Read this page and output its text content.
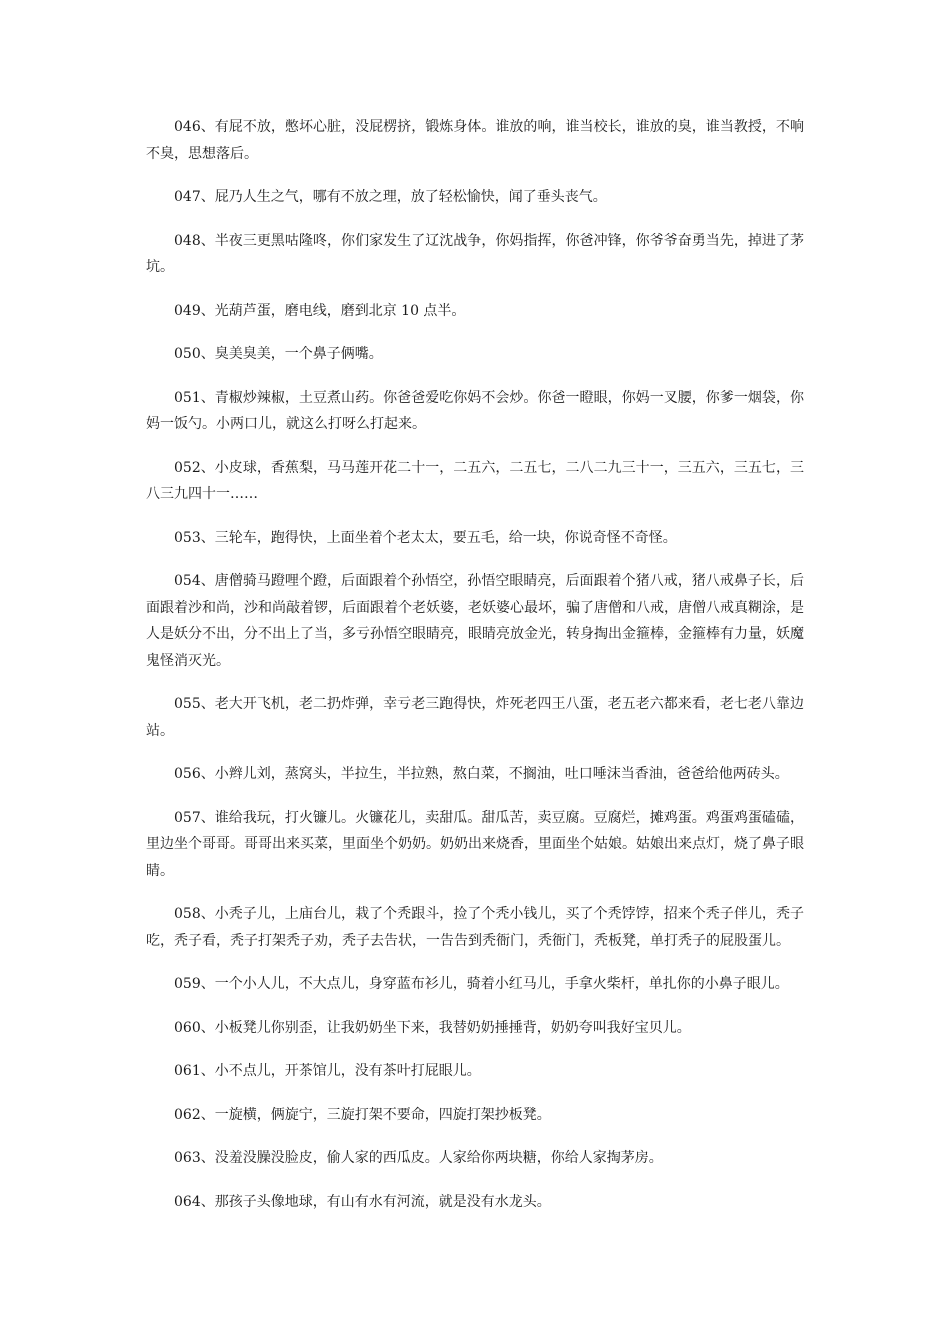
046、有屁不放，憋坏心脏，没屁楞挤，锻炼身体。谁放的响，谁当校长，谁放的臭，谁当教授，不响不臭，思想落后。

047、屁乃人生之气，哪有不放之理，放了轻松愉快，闻了垂头丧气。

048、半夜三更黑咕隆咚，你们家发生了辽沈战争，你妈指挥，你爸冲锋，你爷爷奋勇当先，掉进了茅坑。

049、光葫芦蛋，磨电线，磨到北京 10 点半。

050、臭美臭美，一个鼻子俩嘴。

051、青椒炒辣椒，土豆煮山药。你爸爸爱吃你妈不会炒。你爸一瞪眼，你妈一叉腰，你爹一烟袋，你妈一饭勺。小两口儿，就这么打呀么打起来。

052、小皮球，香蕉梨，马马莲开花二十一，二五六，二五七，二八二九三十一，三五六，三五七，三八三九四十一……

053、三轮车，跑得快，上面坐着个老太太，要五毛，给一块，你说奇怪不奇怪。

054、唐僧骑马蹬哩个蹬，后面跟着个孙悟空，孙悟空眼睛亮，后面跟着个猪八戒，猪八戒鼻子长，后面跟着沙和尚，沙和尚敲着锣，后面跟着个老妖婆，老妖婆心最坏，骗了唐僧和八戒，唐僧八戒真糊涂，是人是妖分不出，分不出上了当，多亏孙悟空眼睛亮，眼睛亮放金光，转身掏出金箍棒，金箍棒有力量，妖魔鬼怪消灭光。

055、老大开飞机，老二扔炸弹，幸亏老三跑得快，炸死老四王八蛋，老五老六都来看，老七老八靠边站。

056、小辫儿刘，蒸窝头，半拉生，半拉熟，熬白菜，不搁油，吐口唾沫当香油，爸爸给他两砖头。

057、谁给我玩，打火镰儿。火镰花儿，卖甜瓜。甜瓜苦，卖豆腐。豆腐烂，摊鸡蛋。鸡蛋鸡蛋磕磕，里边坐个哥哥。哥哥出来买菜，里面坐个奶奶。奶奶出来烧香，里面坐个姑娘。姑娘出来点灯，烧了鼻子眼睛。

058、小秃子儿，上庙台儿，栽了个秃跟斗，捡了个秃小钱儿，买了个秃饽饽，招来个秃子伴儿，秃子吃，秃子看，秃子打架秃子劝，秃子去告状，一告告到秃衙门，秃衙门，秃板凳，单打秃子的屁股蛋儿。

059、一个小人儿，不大点儿，身穿蓝布衫儿，骑着小红马儿，手拿火柴杆，单扎你的小鼻子眼儿。

060、小板凳儿你别歪，让我奶奶坐下来，我替奶奶捶捶背，奶奶夸叫我好宝贝儿。

061、小不点儿，开茶馆儿，没有茶叶打屁眼儿。

062、一旋横，俩旋宁，三旋打架不要命，四旋打架抄板凳。

063、没羞没臊没脸皮，偷人家的西瓜皮。人家给你两块糖，你给人家掏茅房。

064、那孩子头像地球，有山有水有河流，就是没有水龙头。
